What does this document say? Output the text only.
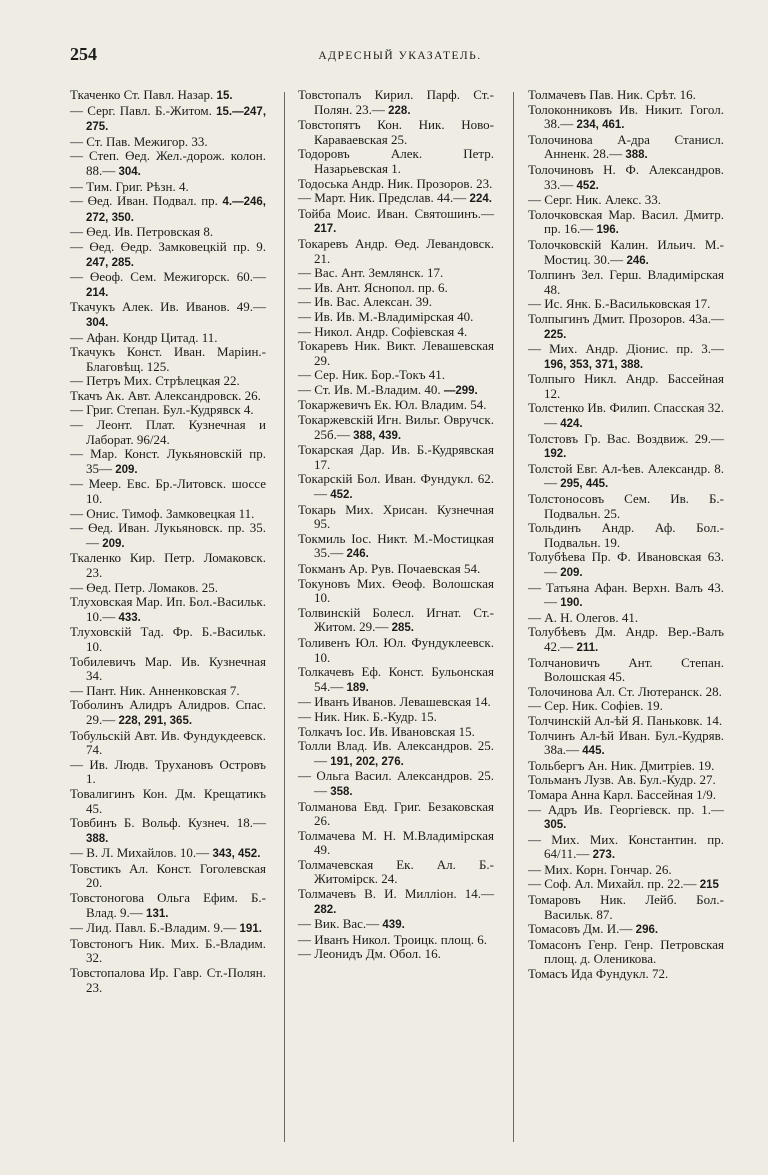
254	АДРЕСНЫЙ УКАЗАТЕЛЬ.
Ткаченко Ст. Павл. Назар. 15.
— Серг. Павл. Б.-Житом. 15.—247, 275.
— Ст. Пав. Межигор. 33.
— Степ. Өед. Жел.-дорож. колон. 88.— 304.
— Тим. Григ. Рѣзн. 4.
— Өед. Иван. Подвал. пр. 4.—246, 272, 350.
— Өед. Ив. Петровская 8.
— Өед. Өедр. Замковецкій пр. 9. 247, 285.
— Өеоф. Сем. Межигорск. 60.— 214.
Ткачукъ Алек. Ив. Иванов. 49.— 304.
— Афан. Кондр Цитад. 11.
Ткачукъ Конст. Иван. Маріин.-Благовѣщ. 125.
— Петръ Мих. Стрѣлецкая 22.
Ткачъ Ак. Авт. Александровск. 26.
— Григ. Степан. Бул.-Кудрявск 4.
— Леонт. Плат. Кузнечная и Лаборат. 96/24.
— Мар. Конст. Лукьяновскій пр. 35— 209.
— Меер. Евс. Бр.-Литовск. шоссе 10.
— Онис. Тимоф. Замковецкая 11.
— Өед. Иван. Лукьяновск. пр. 35.— 209.
Ткаленко Кир. Петр. Ломаковск. 23.
— Өед. Петр. Ломаков. 25.
Тлуховская Мар. Ип. Бол.-Васильк. 10.— 433.
Тлуховскій Тад. Фр. Б.-Васильк. 10.
Тобилевичъ Мар. Ив. Кузнечная 34.
— Пант. Ник. Анненковская 7.
Тоболинъ Алидръ Алидров. Спас. 29.— 228, 291, 365.
Тобульскій Авт. Ив. Фундукдеевск. 74.
— Ив. Людв. Трухановъ Островъ 1.
Товалигинъ Кон. Дм. Крещатикъ 45.
Товбинъ Б. Вольф. Кузнеч. 18.— 388.
— В. Л. Михайлов. 10.— 343, 452.
Товстикъ Ал. Конст. Гоголевская 20.
Товстоногова Ольга Ефим. Б.-Влад. 9.— 131.
— Лид. Павл. Б.-Владим. 9.— 191.
Товстоногъ Ник. Мих. Б.-Владим. 32.
Товстопалова Ир. Гавр. Ст.-Полян. 23.
Товстопалъ Кирил. Парф. Ст.-Полян. 23.— 228.
Товстопятъ Кон. Ник. Ново-Караваевская 25.
Тодоровъ Алек. Петр. Назарьевская 1.
Тодоська Андр. Ник. Прозоров. 23.
— Март. Ник. Предслав. 44.— 224.
Тойба Моис. Иван. Святошинъ.— 217.
Токаревъ Андр. Өед. Левандовск. 21.
— Вас. Ант. Землянск. 17.
— Ив. Ант. Яснопол. пр. 6.
— Ив. Вас. Алексан. 39.
— Ив. Ив. М.-Владимірская 40.
— Никол. Андр. Софіевская 4.
Токаревъ Ник. Викт. Левашевская 29.
— Сер. Ник. Бор.-Токъ 41.
— Ст. Ив. М.-Владим. 40. —299.
Токаржевичъ Ек. Юл. Владим. 54.
Токаржевскій Игн. Вильг. Овручск. 25б.— 388, 439.
Токарская Дар. Ив. Б.-Кудрявская 17.
Токарскій Бол. Иван. Фундукл. 62.— 452.
Токарь Мих. Хрисан. Кузнечная 95.
Токмиль Іос. Никт. М.-Мостицкая 35.— 246.
Токманъ Ар. Рув. Почаевская 54.
Токуновъ Мих. Өеоф. Волошская 10.
Толвинскій Болесл. Игнат. Ст.-Житом. 29.— 285.
Толивенъ Юл. Юл. Фундуклеевск. 10.
Толкачевъ Еф. Конст. Бульонская 54.— 189.
— Иванъ Иванов. Левашевская 14.
— Ник. Ник. Б.-Кудр. 15.
Толкачъ Іос. Ив. Ивановская 15.
Толли Влад. Ив. Александров. 25.— 191, 202, 276.
— Ольга Васил. Александров. 25.— 358.
Толманова Евд. Григ. Безаковская 26.
Толмачева М. Н. М.Владимірская 49.
Толмачевская Ек. Ал. Б.-Житомірск. 24.
Толмачевъ В. И. Милліон. 14.— 282.
— Вик. Вас.— 439.
— Иванъ Никол. Троицк. площ. 6.
— Леонидъ Дм. Обол. 16.
Толмачевъ Пав. Ник. Срѣт. 16.
Толоконниковъ Ив. Никит. Гогол. 38.— 234, 461.
Толочинова А-дра Станисл. Анненк. 28.— 388.
Толочиновъ Н. Ф. Александров. 33.— 452.
— Серг. Ник. Алекс. 33.
Толочковская Мар. Васил. Дмитр. пр. 16.— 196.
Толочковскій Калин. Ильич. М.-Мостиц. 30.— 246.
Толпинъ Зел. Герш. Владимірская 48.
— Ис. Янк. Б.-Васильковская 17.
Толпыгинъ Дмит. Прозоров. 43а.— 225.
— Мих. Андр. Діонис. пр. 3.— 196, 353, 371, 388.
Толпыго Никл. Андр. Бассейная 12.
Толстенко Ив. Филип. Спасская 32.— 424.
Толстовъ Гр. Вас. Воздвиж. 29.— 192.
Толстой Евг. Ал-ѣев. Александр. 8.— 295, 445.
Толстоносовъ Сем. Ив. Б.-Подвальн. 25.
Тольдинъ Андр. Аф. Бол.-Подвальн. 19.
Толубѣева Пр. Ф. Ивановская 63.— 209.
— Татьяна Афан. Верхн. Валъ 43.— 190.
— А. Н. Олегов. 41.
Толубѣевъ Дм. Андр. Вер.-Валъ 42.— 211.
Толчановичъ Ант. Степан. Волошская 45.
Толочинова Ал. Ст. Лютеранск. 28.
— Сер. Ник. Софіев. 19.
Толчинскій Ал-ѣй Я. Паньковк. 14.
Толчинъ Ал-ѣй Иван. Бул.-Кудряв. 38а.— 445.
Тольбергъ Ан. Ник. Дмитріев. 19.
Тольманъ Лузв. Ав. Бул.-Кудр. 27.
Томара Анна Карл. Бассейная 1/9.
— Адръ Ив. Георгіевск. пр. 1.— 305.
— Мих. Мих. Константин. пр. 64/11.— 273.
— Мих. Корн. Гончар. 26.
— Соф. Ал. Михайл. пр. 22.— 215
Томаровъ Ник. Лейб. Бол.-Васильк. 87.
Томасовъ Дм. И.— 296.
Томасонъ Генр. Генр. Петровская площ. д. Оленикова.
Томасъ Ида Фундукл. 72.
